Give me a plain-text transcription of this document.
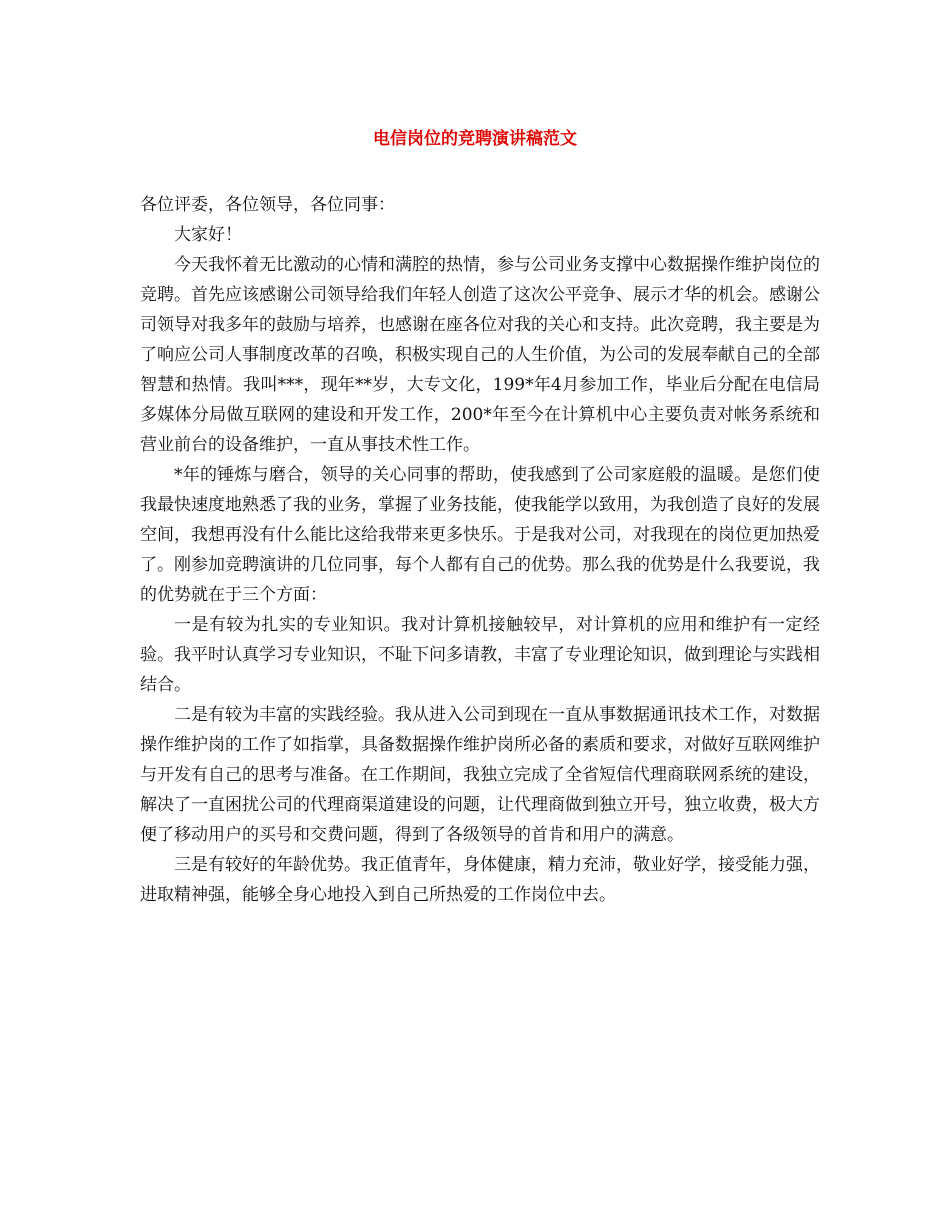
电信岗位的竞聘演讲稿范文

各位评委，各位领导，各位同事：

大家好！

今天我怀着无比激动的心情和满腔的热情，参与公司业务支撑中心数据操作维护岗位的竞聘。首先应该感谢公司领导给我们年轻人创造了这次公平竞争、展示才华的机会。感谢公司领导对我多年的鼓励与培养，也感谢在座各位对我的关心和支持。此次竞聘，我主要是为了响应公司人事制度改革的召唤，积极实现自己的人生价值，为公司的发展奉献自己的全部智慧和热情。我叫***，现年**岁，大专文化，199*年4月参加工作，毕业后分配在电信局多媒体分局做互联网的建设和开发工作，200*年至今在计算机中心主要负责对帐务系统和营业前台的设备维护，一直从事技术性工作。

*年的锤炼与磨合，领导的关心同事的帮助，使我感到了公司家庭般的温暖。是您们使我最快速度地熟悉了我的业务，掌握了业务技能，使我能学以致用，为我创造了良好的发展空间，我想再没有什么能比这给我带来更多快乐。于是我对公司，对我现在的岗位更加热爱了。刚参加竞聘演讲的几位同事，每个人都有自己的优势。那么我的优势是什么我要说，我的优势就在于三个方面：

一是有较为扎实的专业知识。我对计算机接触较早，对计算机的应用和维护有一定经验。我平时认真学习专业知识，不耻下问多请教，丰富了专业理论知识，做到理论与实践相结合。

二是有较为丰富的实践经验。我从进入公司到现在一直从事数据通讯技术工作，对数据操作维护岗的工作了如指掌，具备数据操作维护岗所必备的素质和要求，对做好互联网维护与开发有自己的思考与准备。在工作期间，我独立完成了全省短信代理商联网系统的建设，解决了一直困扰公司的代理商渠道建设的问题，让代理商做到独立开号，独立收费，极大方便了移动用户的买号和交费问题，得到了各级领导的首肯和用户的满意。

三是有较好的年龄优势。我正值青年，身体健康，精力充沛，敬业好学，接受能力强，进取精神强，能够全身心地投入到自己所热爱的工作岗位中去。
